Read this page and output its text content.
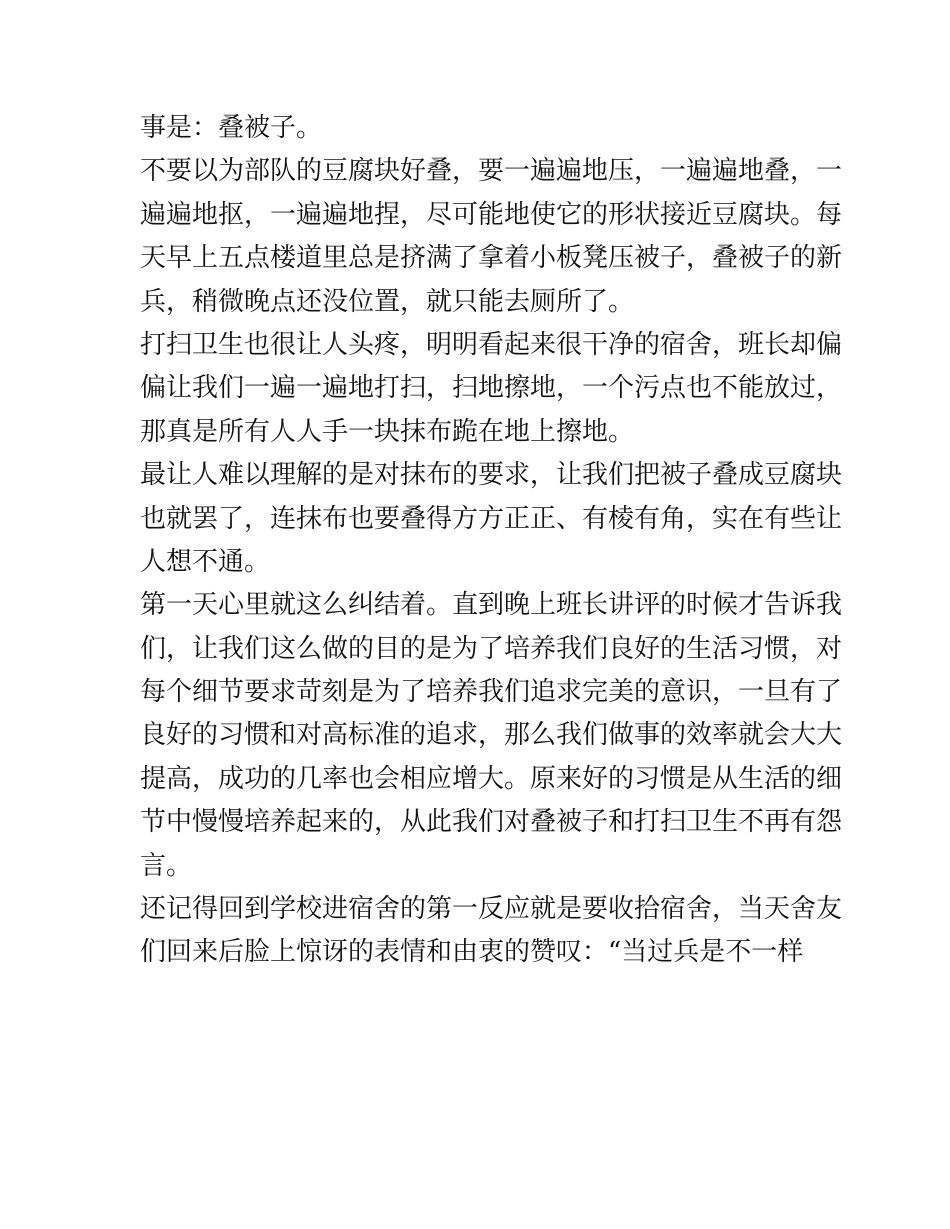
事是：叠被子。
不要以为部队的豆腐块好叠，要一遍遍地压，一遍遍地叠，一
遍遍地抠，一遍遍地捏，尽可能地使它的形状接近豆腐块。每
天早上五点楼道里总是挤满了拿着小板凳压被子，叠被子的新
兵，稍微晚点还没位置，就只能去厕所了。
打扫卫生也很让人头疼，明明看起来很干净的宿舍，班长却偏
偏让我们一遍一遍地打扫，扫地擦地，一个污点也不能放过，
那真是所有人人手一块抹布跪在地上擦地。
最让人难以理解的是对抹布的要求，让我们把被子叠成豆腐块
也就罢了，连抹布也要叠得方方正正、有棱有角，实在有些让
人想不通。
第一天心里就这么纠结着。直到晚上班长讲评的时候才告诉我
们，让我们这么做的目的是为了培养我们良好的生活习惯，对
每个细节要求苛刻是为了培养我们追求完美的意识，一旦有了
良好的习惯和对高标准的追求，那么我们做事的效率就会大大
提高，成功的几率也会相应增大。原来好的习惯是从生活的细
节中慢慢培养起来的，从此我们对叠被子和打扫卫生不再有怨
言。
还记得回到学校进宿舍的第一反应就是要收拾宿舍，当天舍友
们回来后脸上惊讶的表情和由衷的赞叹：“当过兵是不一样
